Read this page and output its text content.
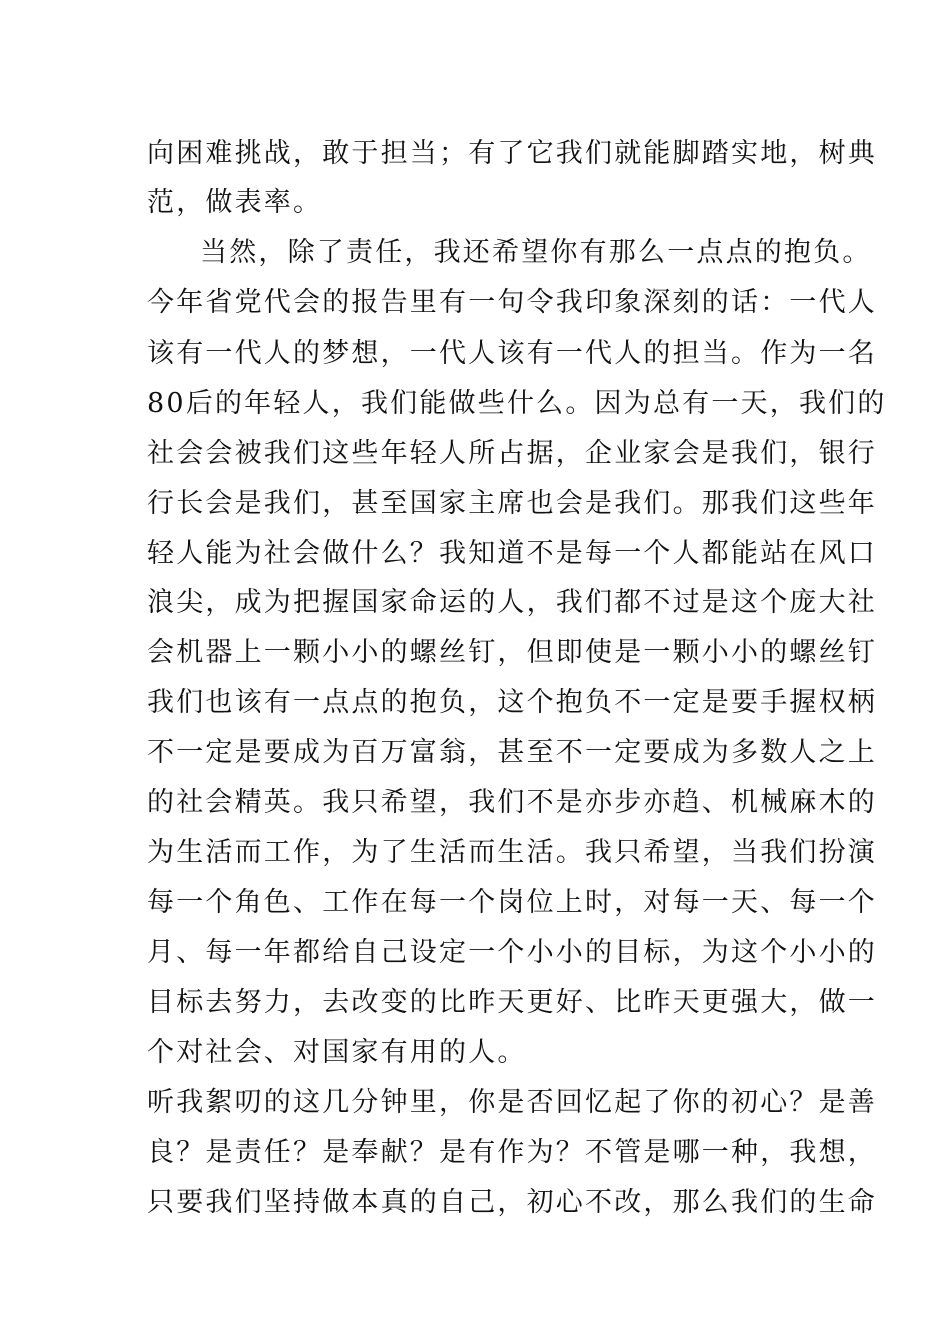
向困难挑战，敢于担当；有了它我们就能脚踏实地，树典
范，做表率。
当然，除了责任，我还希望你有那么一点点的抱负。
今年省党代会的报告里有一句令我印象深刻的话：一代人
该有一代人的梦想，一代人该有一代人的担当。作为一名
80后的年轻人，我们能做些什么。因为总有一天，我们的
社会会被我们这些年轻人所占据，企业家会是我们，银行
行长会是我们，甚至国家主席也会是我们。那我们这些年
轻人能为社会做什么？我知道不是每一个人都能站在风口
浪尖，成为把握国家命运的人，我们都不过是这个庞大社
会机器上一颗小小的螺丝钉，但即使是一颗小小的螺丝钉
我们也该有一点点的抱负，这个抱负不一定是要手握权柄
不一定是要成为百万富翁，甚至不一定要成为多数人之上
的社会精英。我只希望，我们不是亦步亦趋、机械麻木的
为生活而工作，为了生活而生活。我只希望，当我们扮演
每一个角色、工作在每一个岗位上时，对每一天、每一个
月、每一年都给自己设定一个小小的目标，为这个小小的
目标去努力，去改变的比昨天更好、比昨天更强大，做一
个对社会、对国家有用的人。
听我絮叨的这几分钟里，你是否回忆起了你的初心？是善
良？是责任？是奉献？是有作为？不管是哪一种，我想，
只要我们坚持做本真的自己，初心不改，那么我们的生命
